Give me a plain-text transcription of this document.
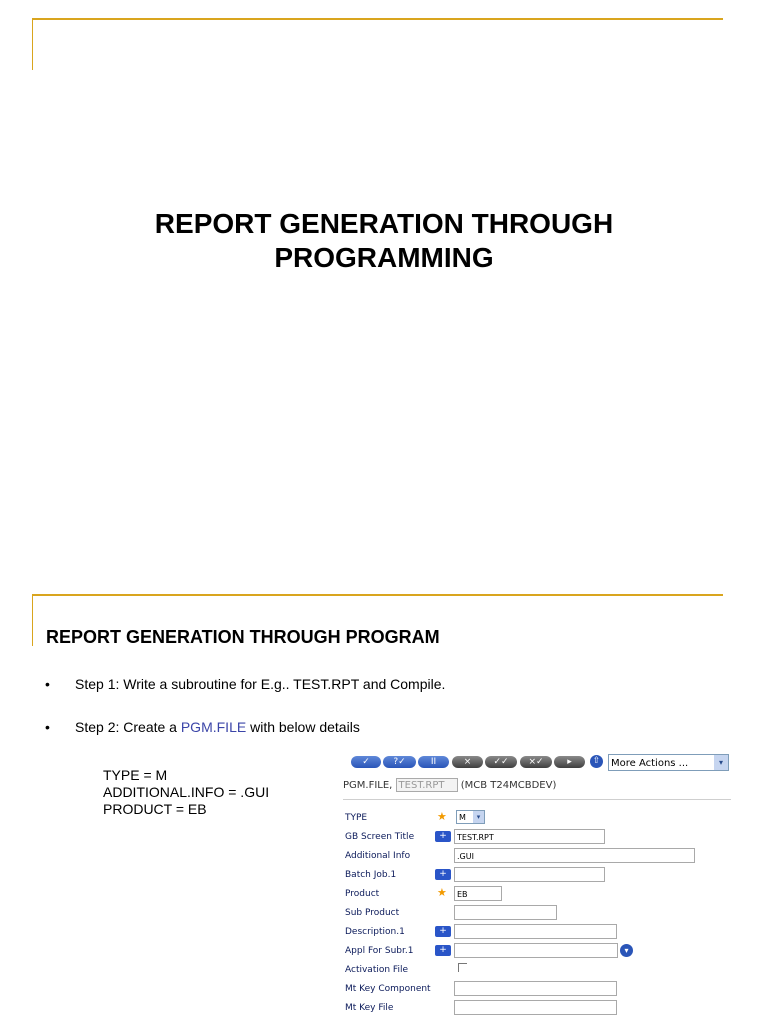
REPORT GENERATION THROUGH
PROGRAMMING
REPORT GENERATION THROUGH PROGRAM
• Step 1: Write a subroutine for E.g.. TEST.RPT and Compile.
• Step 2: Create a PGM.FILE with below details
TYPE = M
ADDITIONAL.INFO = .GUI
PRODUCT = EB
✓	?✓	II	×	✓✓	×✓	▸	⇧	More Actions ...	▾
PGM.FILE, TEST.RPT (MCB T24MCBDEV)
TYPE	★	M	▾
GB Screen Title	+	TEST.RPT
Additional Info	.GUI
Batch Job.1	+
Product	★	EB
Sub Product
Description.1	+
Appl For Subr.1	+	▾
Activation File
Mt Key Component
Mt Key File
